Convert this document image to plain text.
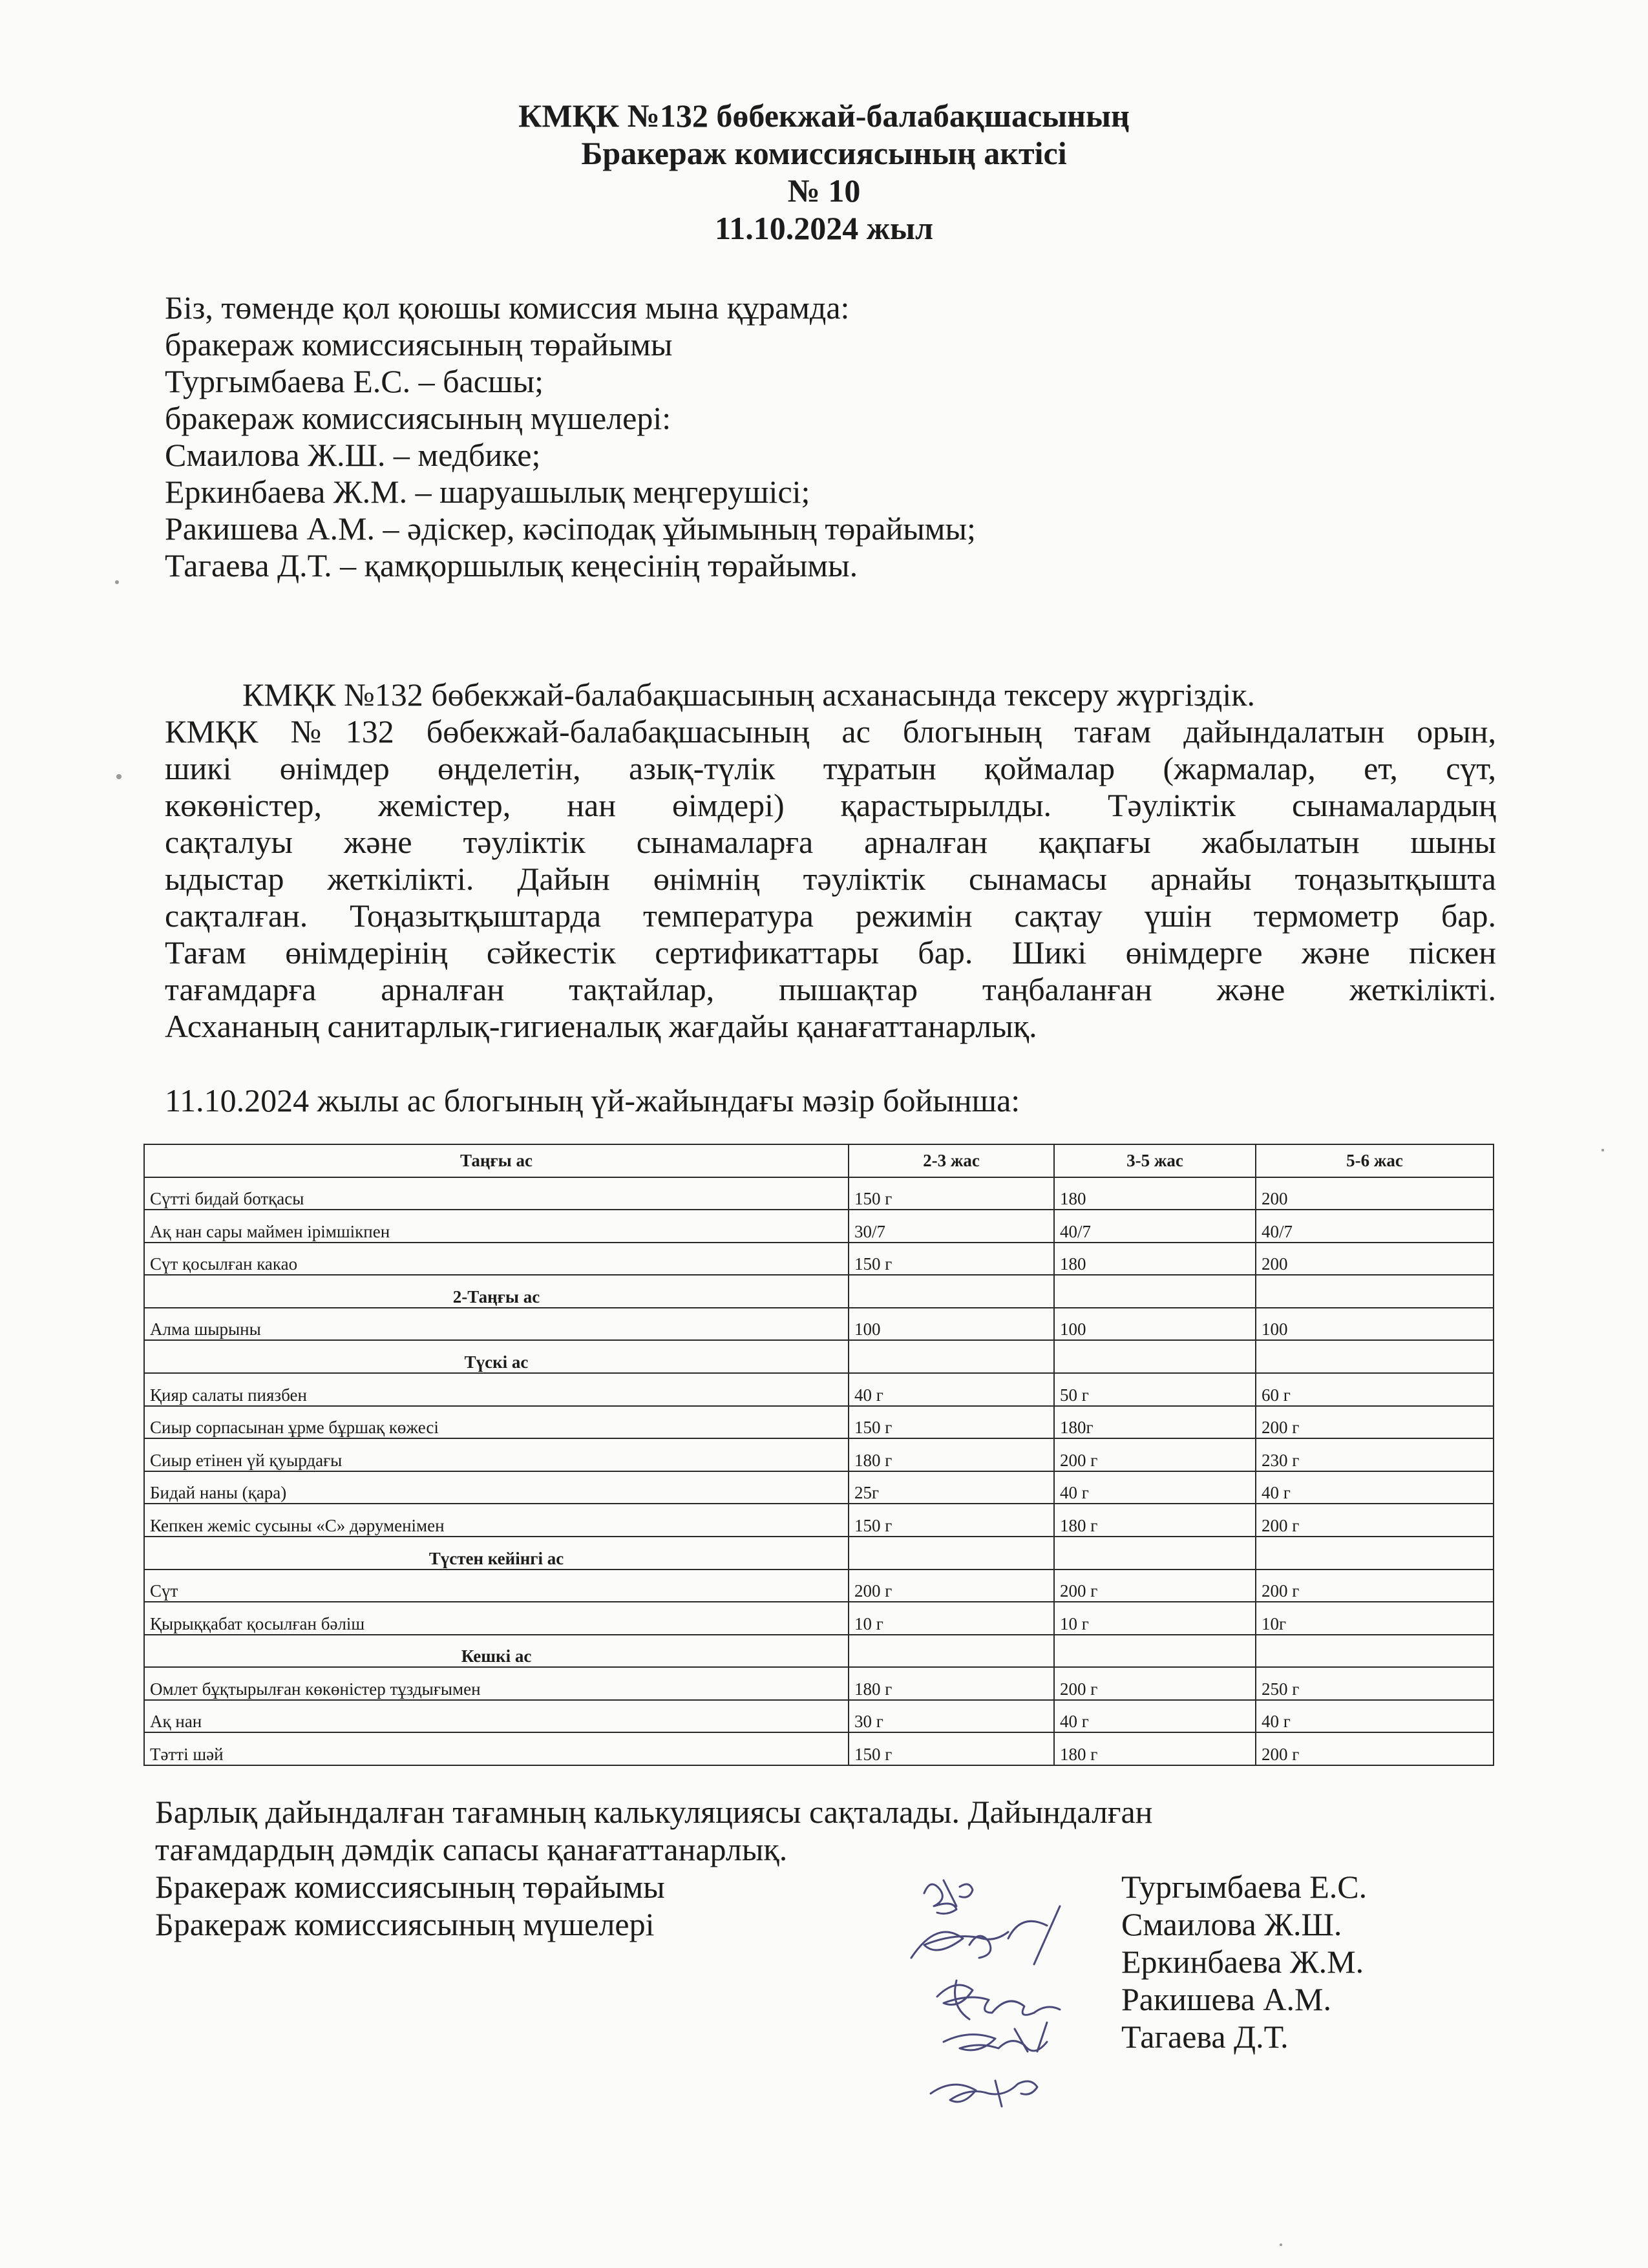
КМҚК №132 бөбекжай-балабақшасының
Бракераж комиссиясының актісі
№ 10
11.10.2024 жыл
Біз, төменде қол қоюшы комиссия мына құрамда:
бракераж комиссиясының төрайымы
Тургымбаева Е.С. – басшы;
бракераж комиссиясының мүшелері:
Смаилова Ж.Ш. – медбике;
Еркинбаева Ж.М. – шаруашылық меңгерушісі;
Ракишева А.М. – әдіскер, кәсіподақ ұйымының төрайымы;
Тагаева Д.Т. – қамқоршылық кеңесінің төрайымы.
КМҚК №132 бөбекжай-балабақшасының асханасында тексеру жүргіздік.
КМҚК №132 бөбекжай-балабақшасының ас блогының тағам дайындалатын орын,
шикі өнімдер өңделетін, азық-түлік тұратын қоймалар (жармалар, ет, сүт,
көкөністер, жемістер, нан өімдері) қарастырылды. Тәуліктік сынамалардың
сақталуы және тәуліктік сынамаларға арналған қақпағы жабылатын шыны
ыдыстар жеткілікті. Дайын өнімнің тәуліктік сынамасы арнайы тоңазытқышта
сақталған. Тоңазытқыштарда температура режимін сақтау үшін термометр бар.
Тағам өнімдерінің сәйкестік сертификаттары бар. Шикі өнімдерге және піскен
тағамдарға арналған тақтайлар, пышақтар таңбаланған және жеткілікті.
Асхананың санитарлық-гигиеналық жағдайы қанағаттанарлық.
11.10.2024 жылы ас блогының үй-жайындағы мәзір бойынша:
Таңғы ас	2-3 жас	3-5 жас	5-6 жас
Сүтті бидай ботқасы	150 г	180	200
Ақ нан сары маймен ірімшікпен	30/7	40/7	40/7
Сүт қосылған какао	150 г	180	200
2-Таңғы ас			
Алма шырыны	100	100	100
Түскі ас			
Қияр салаты пиязбен	40 г	50 г	60 г
Сиыр сорпасынан ұрме бұршақ көжесі	150 г	180г	200 г
Сиыр етінен үй қуырдағы	180 г	200 г	230 г
Бидай наны (қара)	25г	40 г	40 г
Кепкен жеміс сусыны «С» дәруменімен	150 г	180 г	200 г
Түстен кейінгі ас			
Сүт	200 г	200 г	200 г
Қырыққабат қосылған бәліш	10 г	10 г	10г
Кешкі ас			
Омлет бұқтырылған көкөністер тұздығымен	180 г	200 г	250 г
Ақ нан	30 г	40 г	40 г
Тәтті шәй	150 г	180 г	200 г
Барлық дайындалған тағамның калькуляциясы сақталады. Дайындалған
тағамдардың дәмдік сапасы қанағаттанарлық.
Бракераж комиссиясының төрайымы
Бракераж комиссиясының мүшелері
Тургымбаева Е.С.
Смаилова Ж.Ш.
Еркинбаева Ж.М.
Ракишева А.М.
Тагаева Д.Т.
